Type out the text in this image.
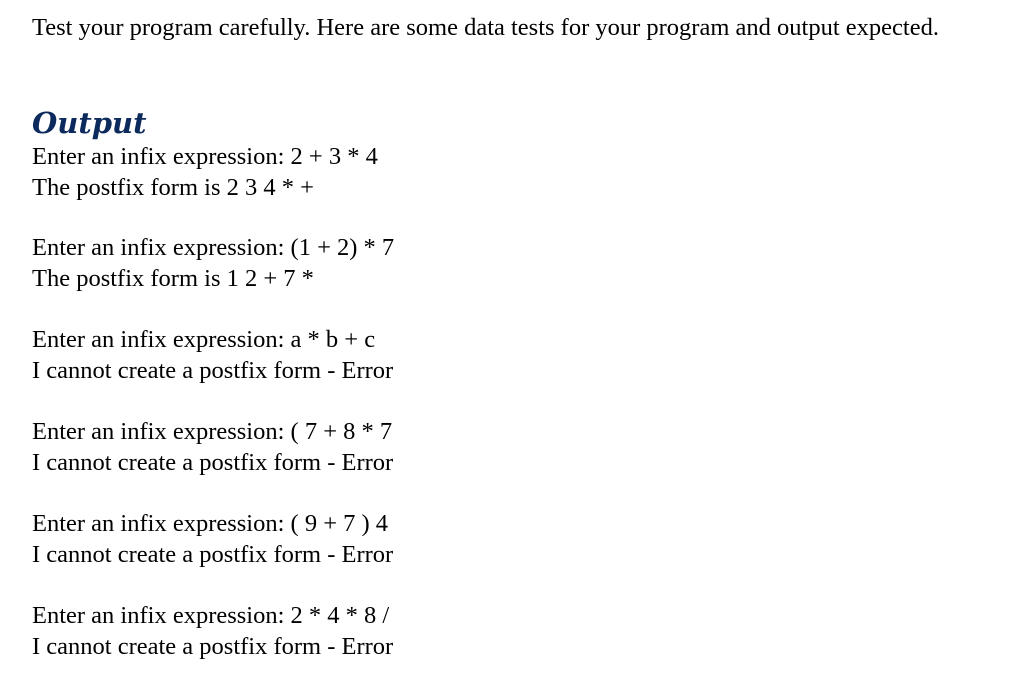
Test your program carefully. Here are some data tests for your program and output expected.
Output
Enter an infix expression: 2 + 3 * 4
The postfix form is 2 3 4 * +
Enter an infix expression: (1 + 2) * 7
The postfix form is 1 2 + 7 *
Enter an infix expression: a * b + c
I cannot create a postfix form - Error
Enter an infix expression: ( 7 + 8 * 7
I cannot create a postfix form - Error
Enter an infix expression: ( 9 + 7 ) 4
I cannot create a postfix form - Error
Enter an infix expression: 2 * 4 * 8 /
I cannot create a postfix form - Error
